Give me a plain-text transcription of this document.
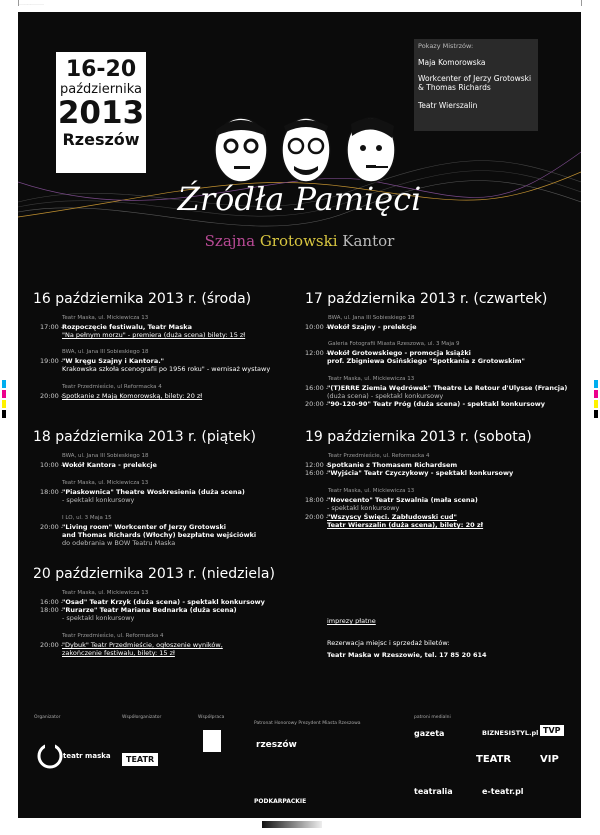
...........................
16-20
października
2013
Rzeszów
Pokazy Mistrzów:
Maja Komorowska
Workcenter of Jerzy Grotowski
& Thomas Richards
Teatr Wierszalin
Źródła Pamięci
Szajna Grotowski Kantor
16 października 2013 r. (środa)
Teatr Maska, ul. Mickiewicza 13
17:00 -Rozpoczęcie festiwalu, Teatr Maska
"Na pełnym morzu" - premiera (duża scena) bilety: 15 zł
BWA, ul. Jana III Sobieskiego 18
19:00 -"W kręgu Szajny i Kantora."
Krakowska szkoła scenografii po 1956 roku" - wernisaż wystawy
Teatr Przedmieście, ul Reformacka 4
20:00 -Spotkanie z Mają Komorowską, bilety: 20 zł
17 października 2013 r. (czwartek)
BWA, ul. Jana III Sobieskiego 18
10:00 -Wokół Szajny - prelekcje
Galeria Fotografii Miasta Rzeszowa, ul. 3 Maja 9
12:00 -Wokół Grotowskiego - promocja książki
prof. Zbigniewa Osińskiego "Spotkania z Grotowskim"
Teatr Maska, ul. Mickiewicza 13
16:00 -"(T)ERRE Ziemia Wędrówek" Theatre Le Retour d'Ulysse (Francja)
(duża scena) - spektakl konkursowy
20:00 -"90-120-90" Teatr Próg (duża scena) - spektakl konkursowy
18 października 2013 r. (piątek)
BWA, ul. Jana III Sobieskiego 18
10:00 -Wokół Kantora - prelekcje
Teatr Maska, ul. Mickiewicza 13
18:00 -"Piaskownica" Theatre Woskresienia (duża scena)
- spektakl konkursowy
I LO, ul. 3 Maja 15
20:00 -"Living room" Workcenter of Jerzy Grotowski
and Thomas Richards (Włochy) bezpłatne wejściówki
do odebrania w BOW Teatru Maska
19 października 2013 r. (sobota)
Teatr Przedmieście, ul. Reformacka 4
12:00 -Spotkanie z Thomasem Richardsem
16:00 -"Wyjścia" Teatr Czyczykowy - spektakl konkursowy
Teatr Maska, ul. Mickiewicza 13
18:00 -"Novecento" Teatr Szwalnia (mała scena)
- spektakl konkursowy
20:00 -"Wszyscy Święci. Zabłudowski cud"
Teatr Wierszalin (duża scena), bilety: 20 zł
20 października 2013 r. (niedziela)
Teatr Maska, ul. Mickiewicza 13
16:00 -"Osad" Teatr Krzyk (duża scena) - spektakl konkursowy
18:00 -"Rurarze" Teatr Mariana Bednarka (duża scena)
- spektakl konkursowy
Teatr Przedmieście, ul. Reformacka 4
20:00 -"Dybuk" Teatr Przedmieście, ogłoszenie wyników,
zakończenie festiwalu, bilety: 15 zł
imprezy płatne
Rezerwacja miejsc i sprzedaż biletów:
Teatr Maska w Rzeszowie, tel. 17 85 20 614
Organizator	Współorganizator	Współpraca
Patronat Honorowy Prezydent Miasta Rzeszowa
patroni medialni
teatr maska	TEATR
rzeszów
PODKARPACKIE
gazeta	BIZNESISTYL.pl TVP
TEATR	VIP
e-teatr.pl
teatralia
